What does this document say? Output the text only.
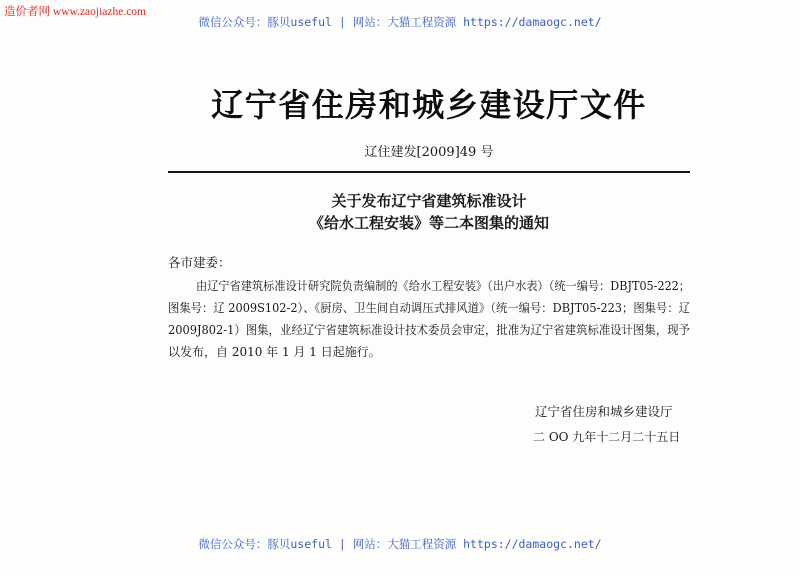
造价者网 www.zaojiazhe.com
微信公众号：豚贝useful | 网站：大猫工程资源 https://damaogc.net/
辽宁省住房和城乡建设厅文件
辽住建发[2009]49 号
关于发布辽宁省建筑标准设计
《给水工程安装》等二本图集的通知
各市建委：
由辽宁省建筑标准设计研究院负责编制的《给水工程安装》（出户水表）（统一编号：DBJT05-222；
图集号：辽 2009S102-2）、《厨房、卫生间自动调压式排风道》（统一编号：DBJT05-223；图集号：辽
2009J802-1）图集，业经辽宁省建筑标准设计技术委员会审定，批准为辽宁省建筑标准设计图集，现予
以发布，自 2010 年 1 月 1 日起施行。
辽宁省住房和城乡建设厅
二 OO 九年十二月二十五日
微信公众号：豚贝useful | 网站：大猫工程资源 https://damaogc.net/
